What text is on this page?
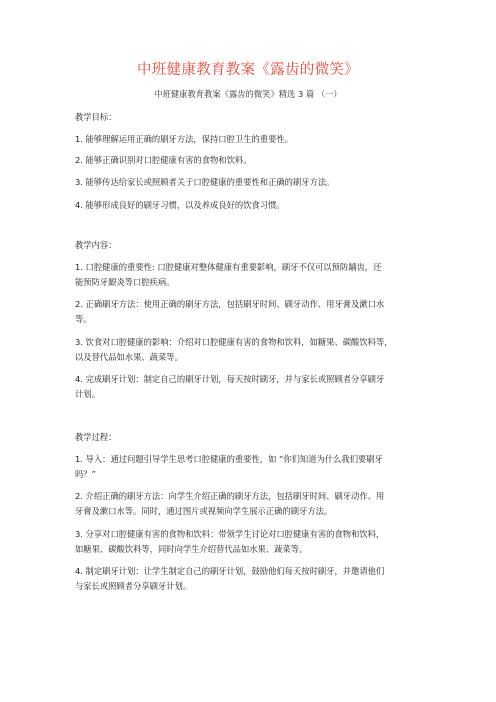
中班健康教育教案《露齿的微笑》
中班健康教育教案《露齿的微笑》精选 3 篇 （一）
教学目标：
1. 能够理解运用正确的刷牙方法，保持口腔卫生的重要性。
2. 能够正确识别对口腔健康有害的食物和饮料。
3. 能够传达给家长或照顾者关于口腔健康的重要性和正确的刷牙方法。
4. 能够形成良好的刷牙习惯，以及养成良好的饮食习惯。
教学内容：
1. 口腔健康的重要性: 口腔健康对整体健康有重要影响，刷牙不仅可以预防龋齿，还
能预防牙龈炎等口腔疾病。
2. 正确刷牙方法：使用正确的刷牙方法，包括刷牙时间、刷牙动作、用牙膏及漱口水
等。
3. 饮食对口腔健康的影响：介绍对口腔健康有害的食物和饮料，如糖果、碳酸饮料等，
以及替代品如水果、蔬菜等。
4. 完成刷牙计划：制定自己的刷牙计划，每天按时刷牙，并与家长或照顾者分享刷牙
计划。
教学过程：
1. 导入：通过问题引导学生思考口腔健康的重要性，如 “你们知道为什么我们要刷牙
吗？”
2. 介绍正确的刷牙方法：向学生介绍正确的刷牙方法，包括刷牙时间、刷牙动作、用
牙膏及漱口水等。同时，通过图片或视频向学生展示正确的刷牙方法。
3. 分享对口腔健康有害的食物和饮料：带领学生讨论对口腔健康有害的食物和饮料，
如糖果、碳酸饮料等，同时向学生介绍替代品如水果、蔬菜等。
4. 制定刷牙计划：让学生制定自己的刷牙计划，鼓励他们每天按时刷牙，并邀请他们
与家长或照顾者分享刷牙计划。
